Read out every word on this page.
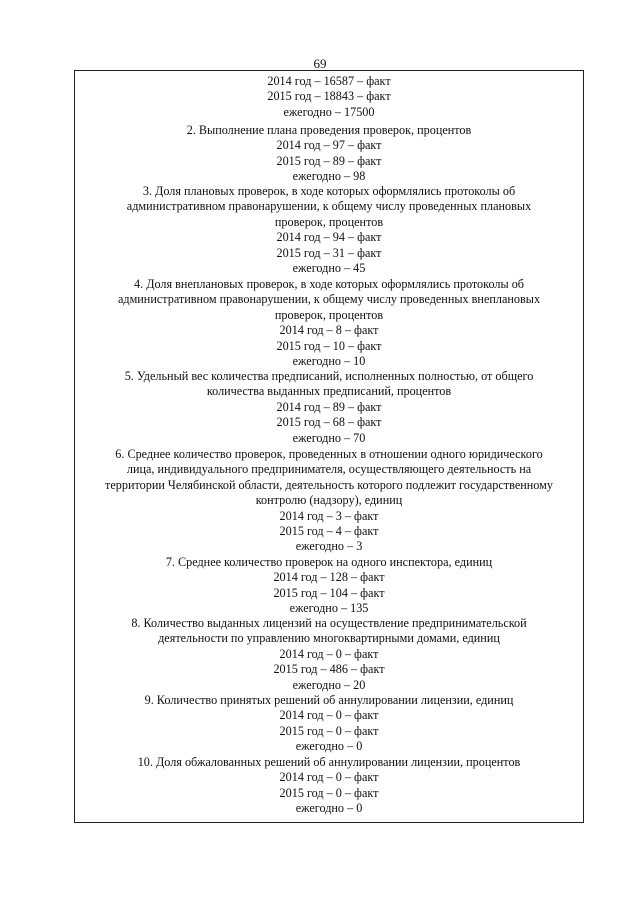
69
2014 год – 16587 – факт
2015 год – 18843 – факт
ежегодно – 17500
2. Выполнение плана проведения проверок, процентов
2014 год – 97 – факт
2015 год – 89 – факт
ежегодно – 98
3. Доля плановых проверок, в ходе которых оформлялись протоколы об
административном правонарушении, к общему числу проведенных плановых
проверок, процентов
2014 год – 94 – факт
2015 год – 31 – факт
ежегодно – 45
4. Доля внеплановых проверок, в ходе которых оформлялись протоколы об
административном правонарушении, к общему числу проведенных внеплановых
проверок, процентов
2014 год – 8 – факт
2015 год – 10 – факт
ежегодно – 10
5. Удельный вес количества предписаний, исполненных полностью, от общего
количества выданных предписаний, процентов
2014 год – 89 – факт
2015 год – 68 – факт
ежегодно – 70
6. Среднее количество проверок, проведенных в отношении одного юридического
лица, индивидуального предпринимателя, осуществляющего деятельность на
территории Челябинской области, деятельность которого подлежит государственному
контролю (надзору), единиц
2014 год – 3 – факт
2015 год – 4 – факт
ежегодно – 3
7. Среднее количество проверок на одного инспектора, единиц
2014 год – 128 – факт
2015 год – 104 – факт
ежегодно – 135
8. Количество выданных лицензий на осуществление предпринимательской
деятельности по управлению многоквартирными домами, единиц
2014 год – 0 – факт
2015 год – 486 – факт
ежегодно – 20
9. Количество принятых решений об аннулировании лицензии, единиц
2014 год – 0 – факт
2015 год – 0 – факт
ежегодно – 0
10. Доля обжалованных решений об аннулировании лицензии, процентов
2014 год – 0 – факт
2015 год – 0 – факт
ежегодно – 0
